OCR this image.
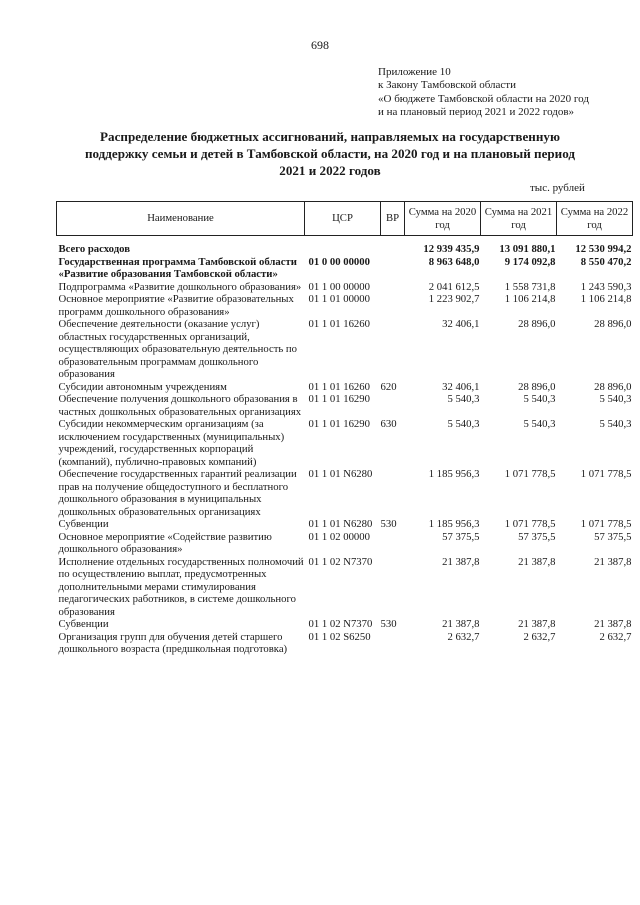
698
Приложение 10
к Закону Тамбовской области
«О бюджете Тамбовской области на 2020 год
и на плановый период 2021 и 2022 годов»
Распределение бюджетных ассигнований, направляемых на государственную
поддержку семьи и детей в Тамбовской области, на 2020 год и на плановый период
2021 и 2022 годов
тыс. рублей
Наименование	ЦСР	ВР	Сумма на 2020 год	Сумма на 2021 год	Сумма на 2022 год
Всего расходов			12 939 435,9	13 091 880,1	12 530 994,2
Государственная программа Тамбовской области «Развитие образования Тамбовской области»	01 0 00 00000		8 963 648,0	9 174 092,8	8 550 470,2
Подпрограмма «Развитие дошкольного образования»	01 1 00 00000		2 041 612,5	1 558 731,8	1 243 590,3
Основное мероприятие «Развитие образовательных программ дошкольного образования»	01 1 01 00000		1 223 902,7	1 106 214,8	1 106 214,8
Обеспечение деятельности (оказание услуг) областных государственных организаций, осуществляющих образовательную деятельность по образовательным программам дошкольного образования	01 1 01 16260		32 406,1	28 896,0	28 896,0
Субсидии автономным учреждениям	01 1 01 16260	620	32 406,1	28 896,0	28 896,0
Обеспечение получения дошкольного образования в частных дошкольных образовательных организациях	01 1 01 16290		5 540,3	5 540,3	5 540,3
Субсидии некоммерческим организациям (за исключением государственных (муниципальных) учреждений, государственных корпораций (компаний), публично-правовых компаний)	01 1 01 16290	630	5 540,3	5 540,3	5 540,3
Обеспечение государственных гарантий реализации прав на получение общедоступного и бесплатного дошкольного образования в муниципальных дошкольных образовательных организациях	01 1 01 N6280		1 185 956,3	1 071 778,5	1 071 778,5
Субвенции	01 1 01 N6280	530	1 185 956,3	1 071 778,5	1 071 778,5
Основное мероприятие «Содействие развитию дошкольного образования»	01 1 02 00000		57 375,5	57 375,5	57 375,5
Исполнение отдельных государственных полномочий по осуществлению выплат, предусмотренных дополнительными мерами стимулирования педагогических работников, в системе дошкольного образования	01 1 02 N7370		21 387,8	21 387,8	21 387,8
Субвенции	01 1 02 N7370	530	21 387,8	21 387,8	21 387,8
Организация групп для обучения детей старшего дошкольного возраста (предшкольная подготовка)	01 1 02 S6250		2 632,7	2 632,7	2 632,7
